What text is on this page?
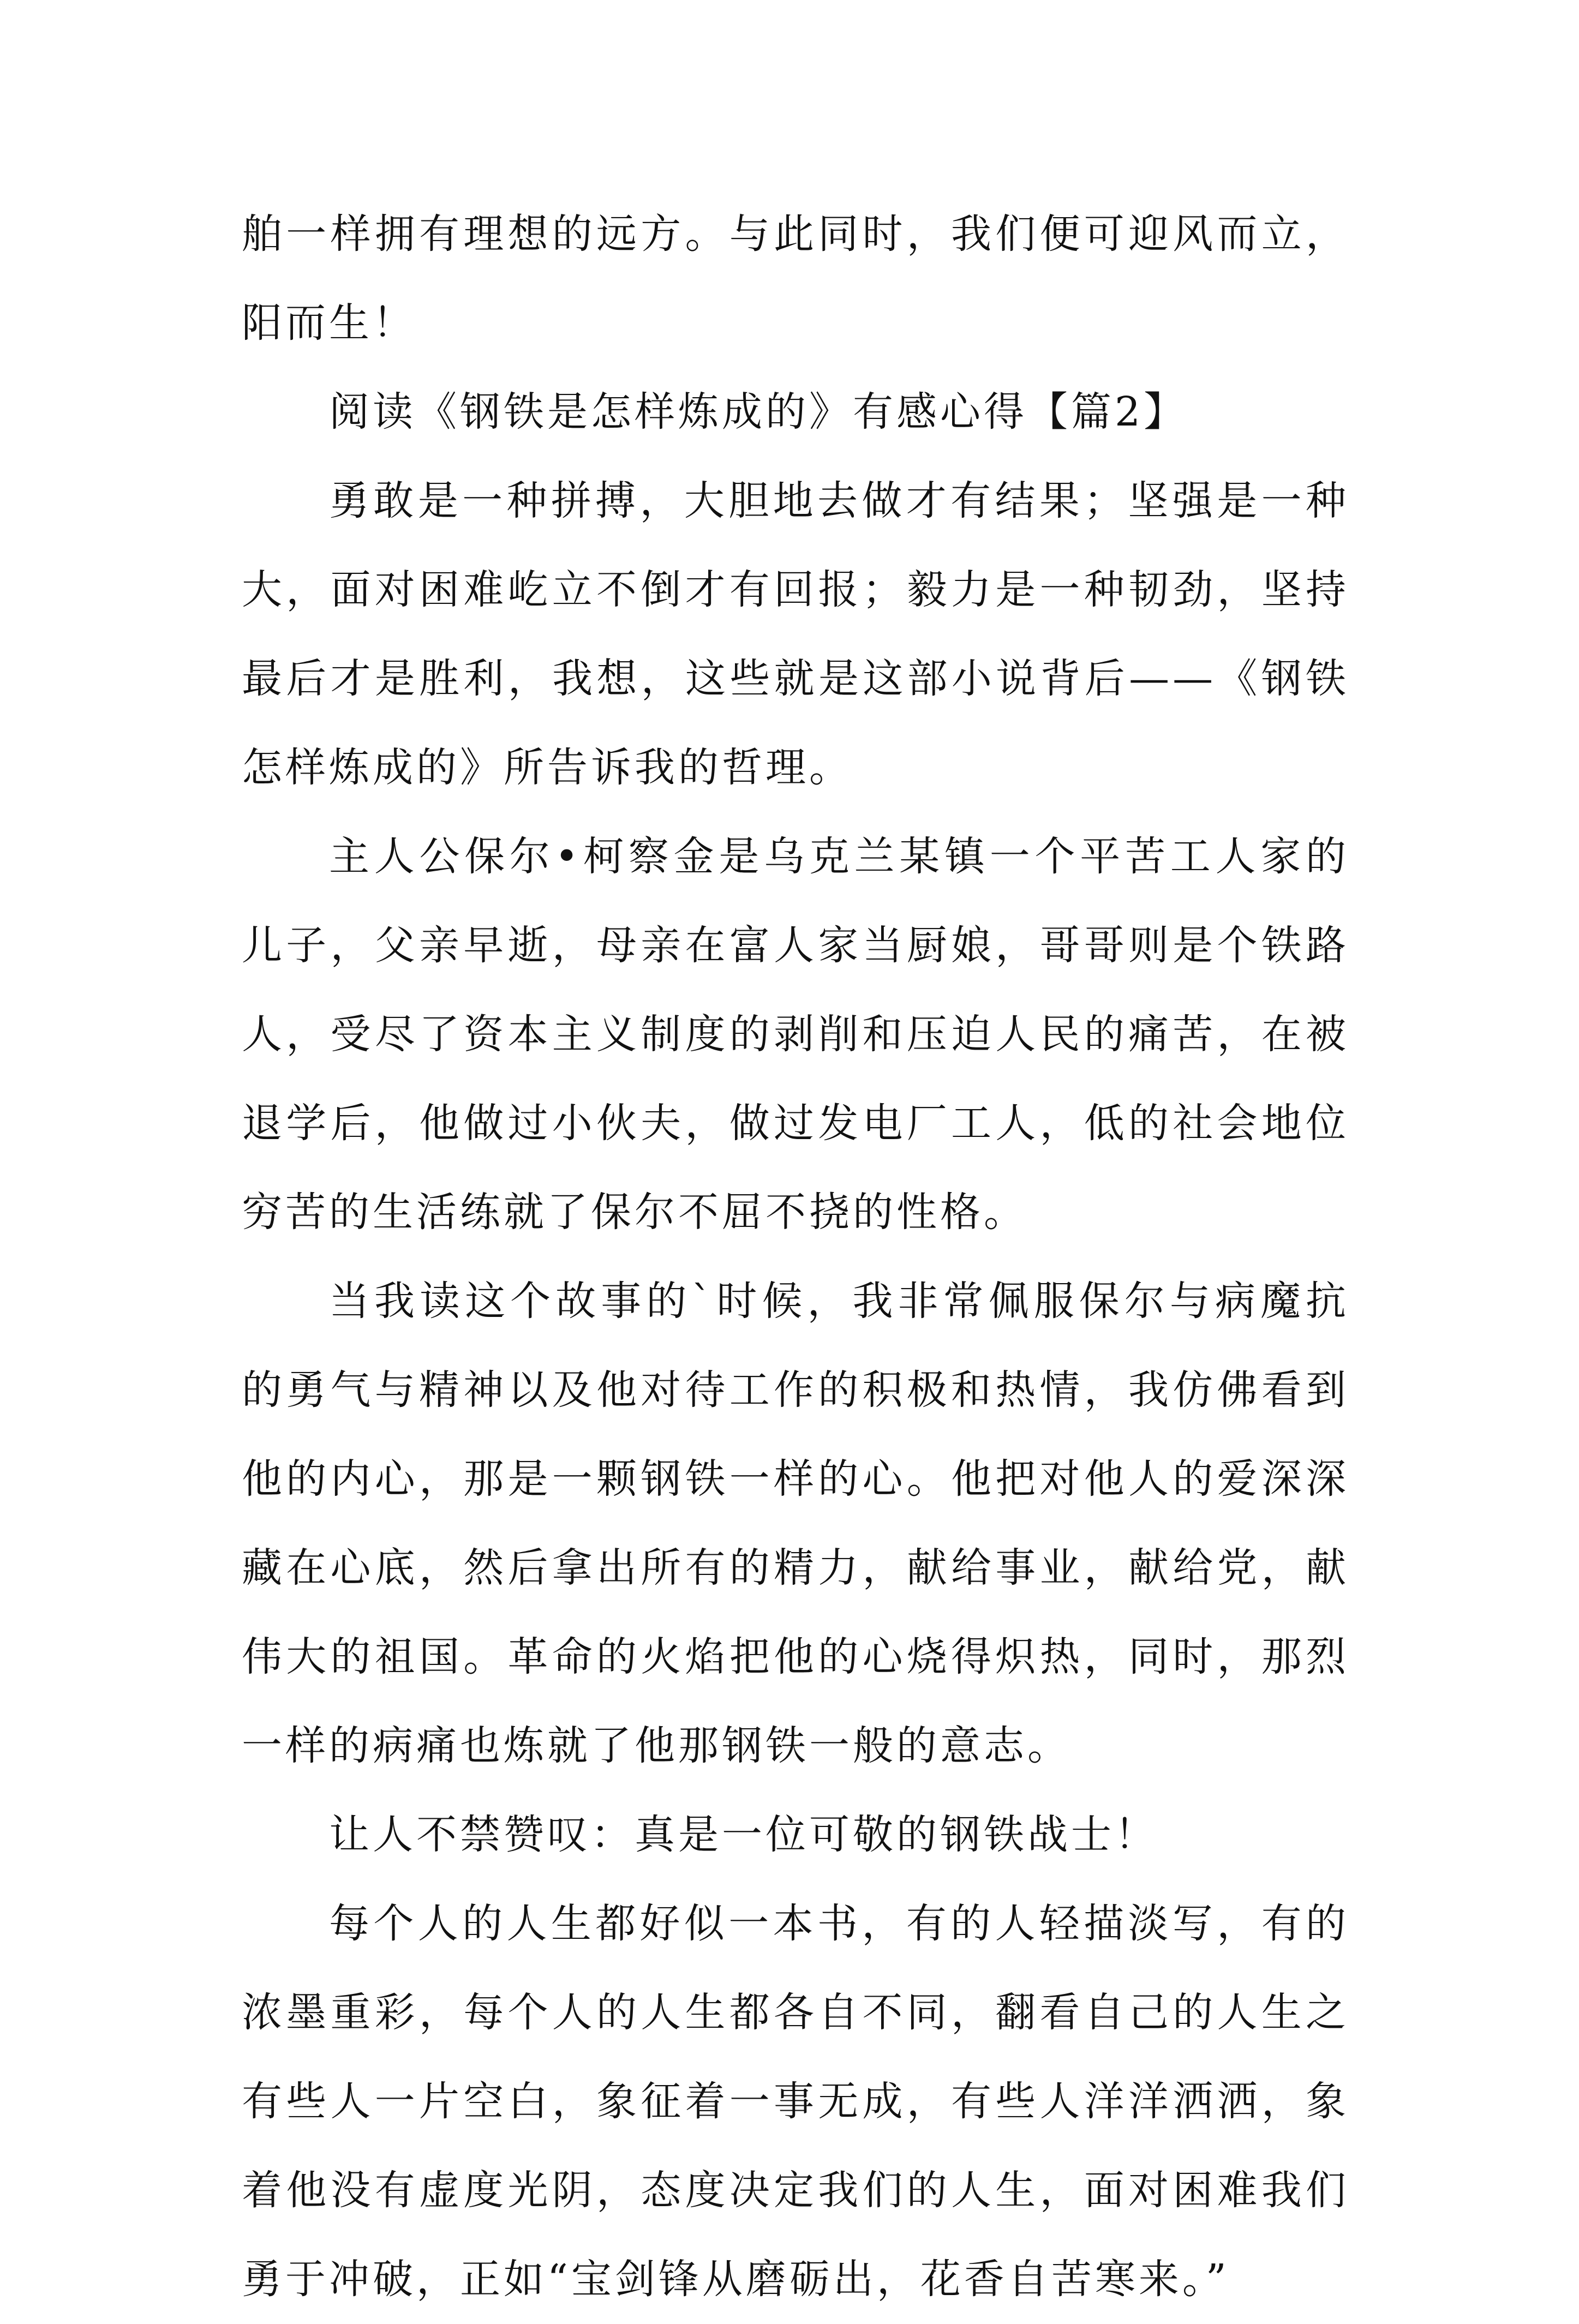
舶一样拥有理想的远方。与此同时，我们便可迎风而立，
阳而生！
阅读《钢铁是怎样炼成的》有感心得【篇2】
勇敢是一种拼搏，大胆地去做才有结果；坚强是一种
大，面对困难屹立不倒才有回报；毅力是一种韧劲，坚持
最后才是胜利，我想，这些就是这部小说背后——《钢铁
怎样炼成的》所告诉我的哲理。
主人公保尔•柯察金是乌克兰某镇一个平苦工人家的
儿子，父亲早逝，母亲在富人家当厨娘，哥哥则是个铁路
人，受尽了资本主义制度的剥削和压迫人民的痛苦，在被
退学后，他做过小伙夫，做过发电厂工人，低的社会地位
穷苦的生活练就了保尔不屈不挠的性格。
当我读这个故事的`时候，我非常佩服保尔与病魔抗
的勇气与精神以及他对待工作的积极和热情，我仿佛看到
他的内心，那是一颗钢铁一样的心。他把对他人的爱深深
藏在心底，然后拿出所有的精力，献给事业，献给党，献
伟大的祖国。革命的火焰把他的心烧得炽热，同时，那烈
一样的病痛也炼就了他那钢铁一般的意志。
让人不禁赞叹：真是一位可敬的钢铁战士！
每个人的人生都好似一本书，有的人轻描淡写，有的
浓墨重彩，每个人的人生都各自不同，翻看自己的人生之
有些人一片空白，象征着一事无成，有些人洋洋洒洒，象
着他没有虚度光阴，态度决定我们的人生，面对困难我们
勇于冲破，正如“宝剑锋从磨砺出，花香自苦寒来。”
